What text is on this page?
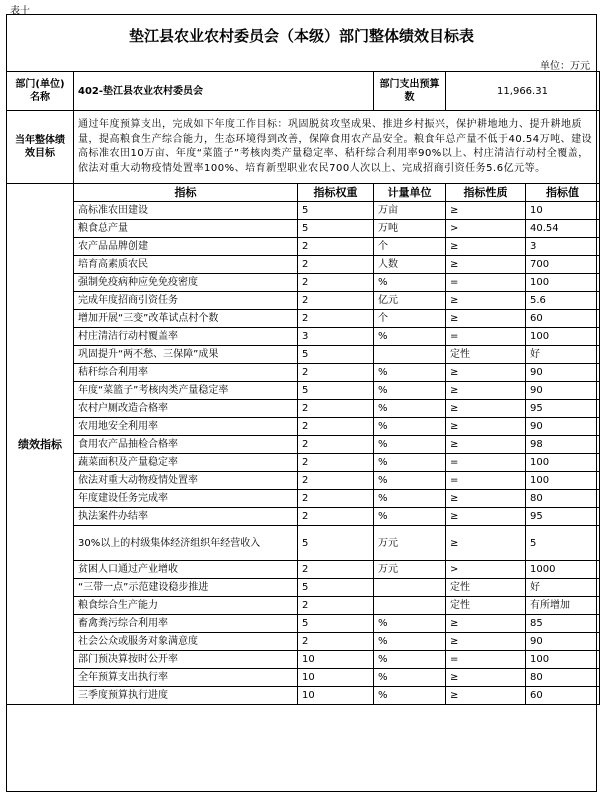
表十
垫江县农业农村委员会（本级）部门整体绩效目标表
单位：万元
部门(单位)名称	402-垫江县农业农村委员会		部门支出预算数	11,966.31	
当年整体绩效目标	通过年度预算支出，完成如下年度工作目标：巩固脱贫攻坚成果、推进乡村振兴，保护耕地地力、提升耕地质量，提高粮食生产综合能力，生态环境得到改善，保障食用农产品安全。粮食年总产量不低于40.54万吨、建设高标准农田10万亩、年度“菜篮子”考核肉类产量稳定率、秸秆综合利用率90%以上、村庄清洁行动村全覆盖，依法对重大动物疫情处置率100%、培育新型职业农民700人次以上、完成招商引资任务5.6亿元等。				
绩效指标	指标	指标权重	计量单位	指标性质	指标值
	高标准农田建设	5	万亩	≥	10
	粮食总产量	5	万吨	>	40.54
	农产品品牌创建	2	个	≥	3
	培育高素质农民	2	人数	≥	700
	强制免疫病种应免免疫密度	2	%	=	100
	完成年度招商引资任务	2	亿元	≥	5.6
	增加开展“三变”改革试点村个数	2	个	≥	60
	村庄清洁行动村覆盖率	3	%	=	100
	巩固提升“两不愁、三保障”成果	5		定性	好
	秸秆综合利用率	2	%	≥	90
	年度“菜篮子”考核肉类产量稳定率	5	%	≥	90
	农村户厕改造合格率	2	%	≥	95
	农用地安全利用率	2	%	≥	90
	食用农产品抽检合格率	2	%	≥	98
	蔬菜面积及产量稳定率	2	%	=	100
	依法对重大动物疫情处置率	2	%	=	100
	年度建设任务完成率	2	%	≥	80
	执法案件办结率	2	%	≥	95
	30%以上的村级集体经济组织年经营收入	5	万元	≥	5
	贫困人口通过产业增收	2	万元	>	1000
	“三带一点”示范建设稳步推进	5		定性	好
	粮食综合生产能力	2		定性	有所增加
	畜禽粪污综合利用率	5	%	≥	85
	社会公众或服务对象满意度	2	%	≥	90
	部门预决算按时公开率	10	%	=	100
	全年预算支出执行率	10	%	≥	80
	三季度预算执行进度	10	%	≥	60
